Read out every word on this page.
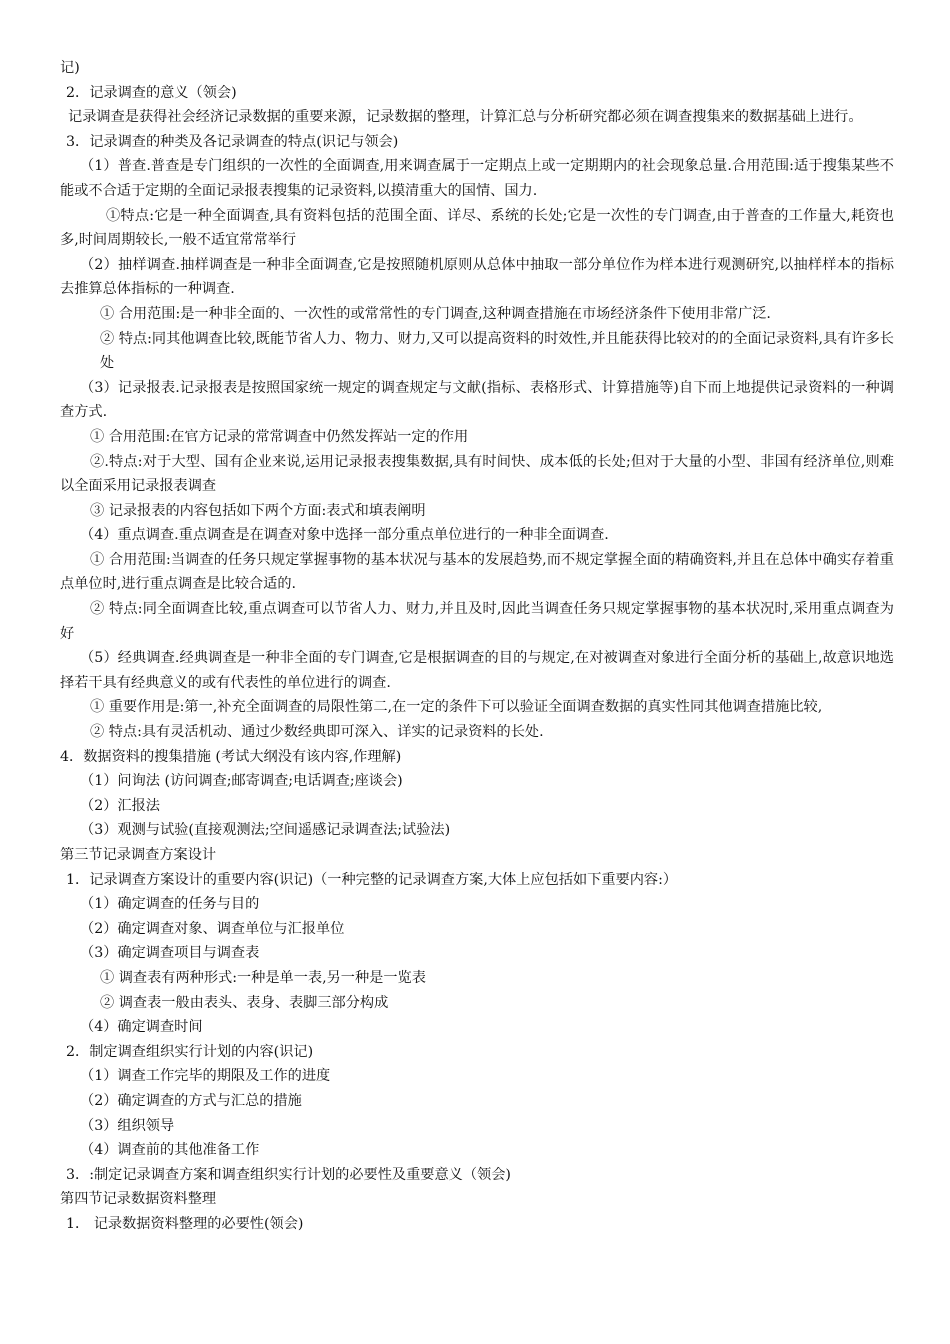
记)
2．记录调查的意义（领会)
记录调查是获得社会经济记录数据的重要来源，记录数据的整理，计算汇总与分析研究都必须在调查搜集来的数据基础上进行。
3．记录调查的种类及各记录调查的特点(识记与领会)
（1）普查.普查是专门组织的一次性的全面调查,用来调查属于一定期点上或一定期期内的社会现象总量.合用范围:适于搜集某些不能或不合适于定期的全面记录报表搜集的记录资料,以摸清重大的国情、国力.
①特点:它是一种全面调查,具有资料包括的范围全面、详尽、系统的长处;它是一次性的专门调查,由于普查的工作量大,耗资也多,时间周期较长,一般不适宜常常举行
（2）抽样调查.抽样调查是一种非全面调查,它是按照随机原则从总体中抽取一部分单位作为样本进行观测研究,以抽样样本的指标去推算总体指标的一种调查.
① 合用范围:是一种非全面的、一次性的或常常性的专门调查,这种调查措施在市场经济条件下使用非常广泛.
② 特点:同其他调查比较,既能节省人力、物力、财力,又可以提高资料的时效性,并且能获得比较对的的全面记录资料,具有许多长处
（3）记录报表.记录报表是按照国家统一规定的调查规定与文献(指标、表格形式、计算措施等)自下而上地提供记录资料的一种调查方式.
① 合用范围:在官方记录的常常调查中仍然发挥站一定的作用
②.特点:对于大型、国有企业来说,运用记录报表搜集数据,具有时间快、成本低的长处;但对于大量的小型、非国有经济单位,则难以全面采用记录报表调查
③ 记录报表的内容包括如下两个方面:表式和填表阐明
（4）重点调查.重点调查是在调查对象中选择一部分重点单位进行的一种非全面调查.
① 合用范围:当调查的任务只规定掌握事物的基本状况与基本的发展趋势,而不规定掌握全面的精确资料,并且在总体中确实存着重点单位时,进行重点调查是比较合适的.
② 特点:同全面调查比较,重点调查可以节省人力、财力,并且及时,因此当调查任务只规定掌握事物的基本状况时,采用重点调查为好
（5）经典调查.经典调查是一种非全面的专门调查,它是根据调查的目的与规定,在对被调查对象进行全面分析的基础上,故意识地选择若干具有经典意义的或有代表性的单位进行的调查.
① 重要作用是:第一,补充全面调查的局限性第二,在一定的条件下可以验证全面调查数据的真实性同其他调查措施比较,
② 特点:具有灵活机动、通过少数经典即可深入、详实的记录资料的长处.
4．数据资料的搜集措施 (考试大纲没有该内容,作理解)
（1）问询法 (访问调查;邮寄调查;电话调查;座谈会)
（2）汇报法
（3）观测与试验(直接观测法;空间遥感记录调查法;试验法)
第三节记录调查方案设计
1．记录调查方案设计的重要内容(识记)（一种完整的记录调查方案,大体上应包括如下重要内容:）
（1）确定调查的任务与目的
（2）确定调查对象、调查单位与汇报单位
（3）确定调查项目与调查表
① 调查表有两种形式:一种是单一表,另一种是一览表
② 调查表一般由表头、表身、表脚三部分构成
（4）确定调查时间
2．制定调查组织实行计划的内容(识记)
（1）调查工作完毕的期限及工作的进度
（2）确定调查的方式与汇总的措施
（3）组织领导
（4）调查前的其他准备工作
3．:制定记录调查方案和调查组织实行计划的必要性及重要意义（领会)
第四节记录数据资料整理
1． 记录数据资料整理的必要性(领会)
